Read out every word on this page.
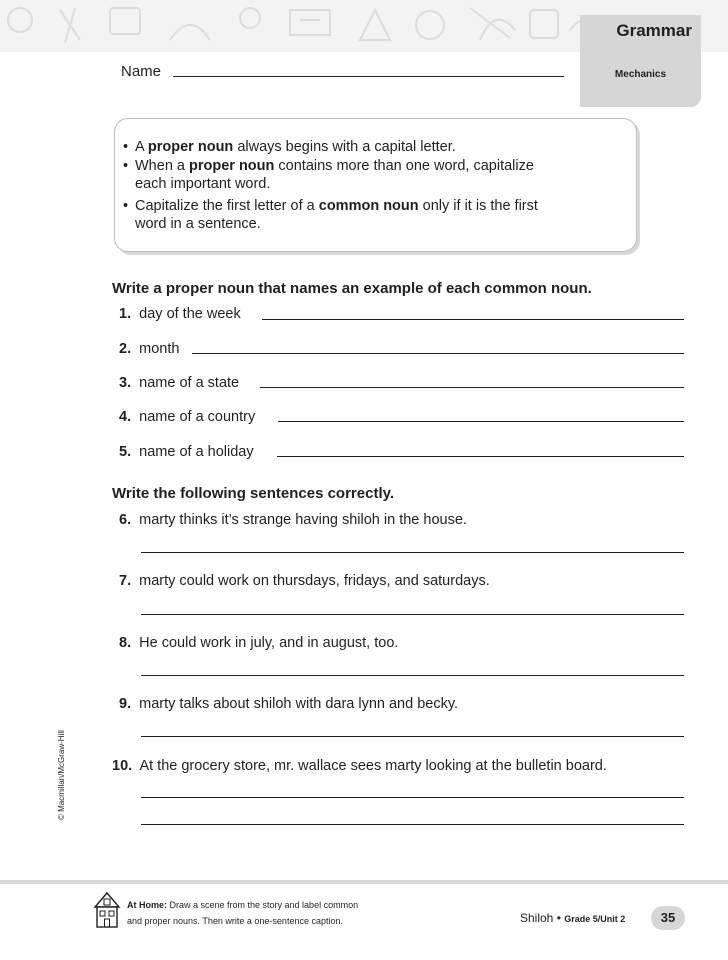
Grammar
Mechanics
Name
• A proper noun always begins with a capital letter.
• When a proper noun contains more than one word, capitalize
each important word.
• Capitalize the first letter of a common noun only if it is the first
word in a sentence.
Write a proper noun that names an example of each common noun.
1. day of the week
2. month
3. name of a state
4. name of a country
5. name of a holiday
Write the following sentences correctly.
6. marty thinks it’s strange having shiloh in the house.
7. marty could work on thursdays, fridays, and saturdays.
8. He could work in july, and in august, too.
9. marty talks about shiloh with dara lynn and becky.
10. At the grocery store, mr. wallace sees marty looking at the bulletin board.
© Macmillan/McGraw-Hill
At Home: Draw a scene from the story and label common
and proper nouns. Then write a one-sentence caption.	Shiloh • Grade 5/Unit 2	35
